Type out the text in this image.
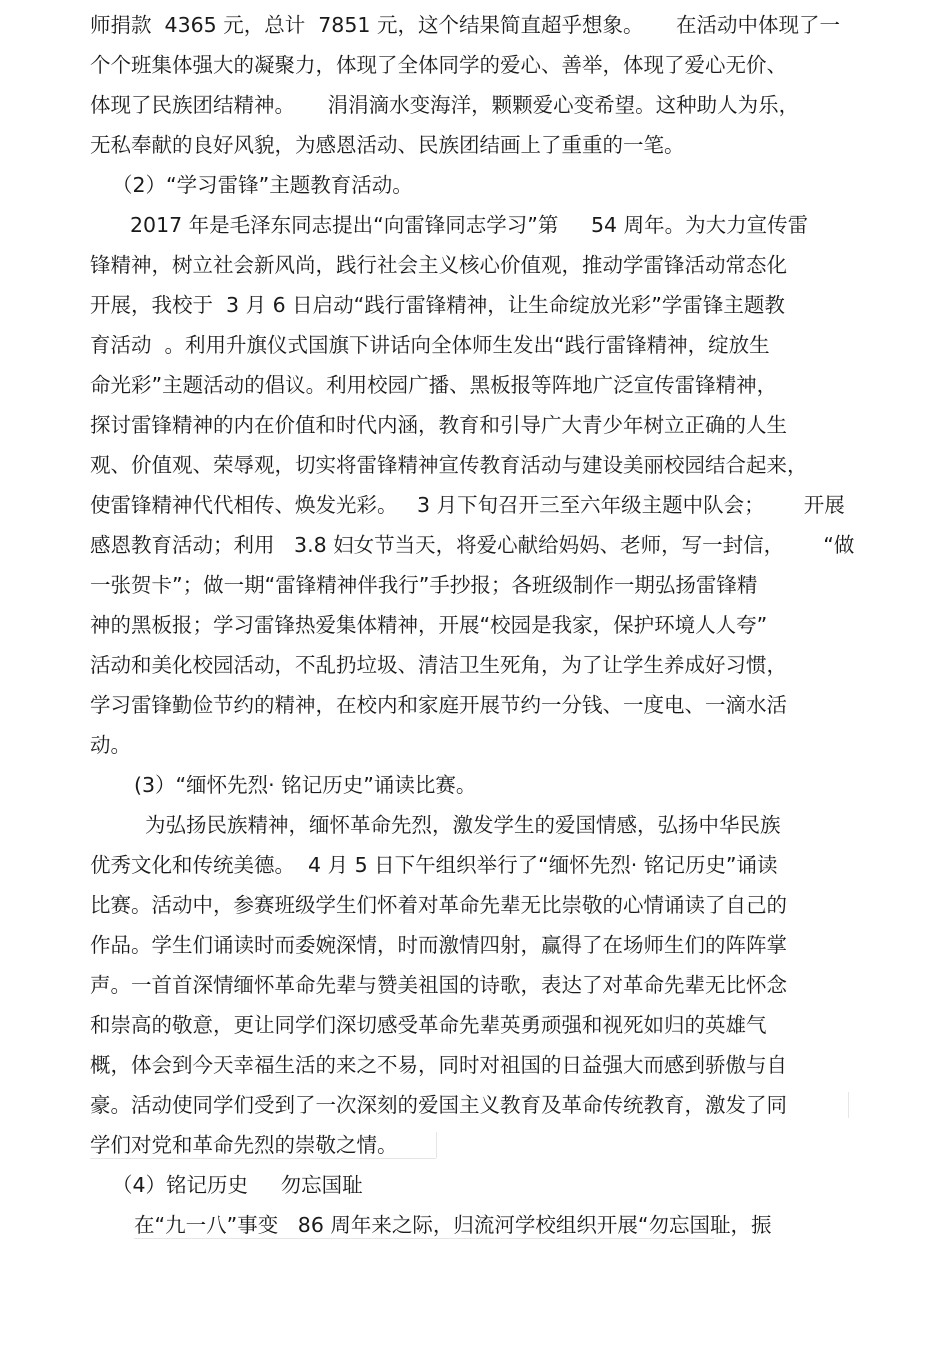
师捐款  4365 元，总计  7851 元，这个结果简直超乎想象。     在活动中体现了一
个个班集体强大的凝聚力，体现了全体同学的爱心、善举，体现了爱心无价、
体现了民族团结精神。     涓涓滴水变海洋，颗颗爱心变希望。这种助人为乐，
无私奉献的良好风貌，为感恩活动、民族团结画上了重重的一笔。
（2）“学习雷锋”主题教育活动。
2017 年是毛泽东同志提出“向雷锋同志学习”第     54 周年。为大力宣传雷
锋精神，树立社会新风尚，践行社会主义核心价值观，推动学雷锋活动常态化
开展，我校于  3 月 6 日启动“践行雷锋精神，让生命绽放光彩”学雷锋主题教
育活动  。利用升旗仪式国旗下讲话向全体师生发出“践行雷锋精神，绽放生
命光彩”主题活动的倡议。利用校园广播、黑板报等阵地广泛宣传雷锋精神，
探讨雷锋精神的内在价值和时代内涵，教育和引导广大青少年树立正确的人生
观、价值观、荣辱观，切实将雷锋精神宣传教育活动与建设美丽校园结合起来，
使雷锋精神代代相传、焕发光彩。   3 月下旬召开三至六年级主题中队会；      开展
感恩教育活动；利用   3.8 妇女节当天，将爱心献给妈妈、老师，写一封信，      “做
一张贺卡”；做一期“雷锋精神伴我行”手抄报；各班级制作一期弘扬雷锋精
神的黑板报；学习雷锋热爱集体精神，开展“校园是我家，保护环境人人夸”
活动和美化校园活动，不乱扔垃圾、清洁卫生死角，为了让学生养成好习惯，
学习雷锋勤俭节约的精神，在校内和家庭开展节约一分钱、一度电、一滴水活
动。
(3）“缅怀先烈· 铭记历史”诵读比赛。
为弘扬民族精神，缅怀革命先烈，激发学生的爱国情感，弘扬中华民族
优秀文化和传统美德。  4 月 5 日下午组织举行了“缅怀先烈· 铭记历史”诵读
比赛。活动中，参赛班级学生们怀着对革命先辈无比崇敬的心情诵读了自己的
作品。学生们诵读时而委婉深情，时而激情四射，赢得了在场师生们的阵阵掌
声。一首首深情缅怀革命先辈与赞美祖国的诗歌，表达了对革命先辈无比怀念
和崇高的敬意，更让同学们深切感受革命先辈英勇顽强和视死如归的英雄气
概，体会到今天幸福生活的来之不易，同时对祖国的日益强大而感到骄傲与自
豪。活动使同学们受到了一次深刻的爱国主义教育及革命传统教育，激发了同
学们对党和革命先烈的崇敬之情。
（4）铭记历史     勿忘国耻
在“九一八”事变   86 周年来之际，归流河学校组织开展“勿忘国耻，振
